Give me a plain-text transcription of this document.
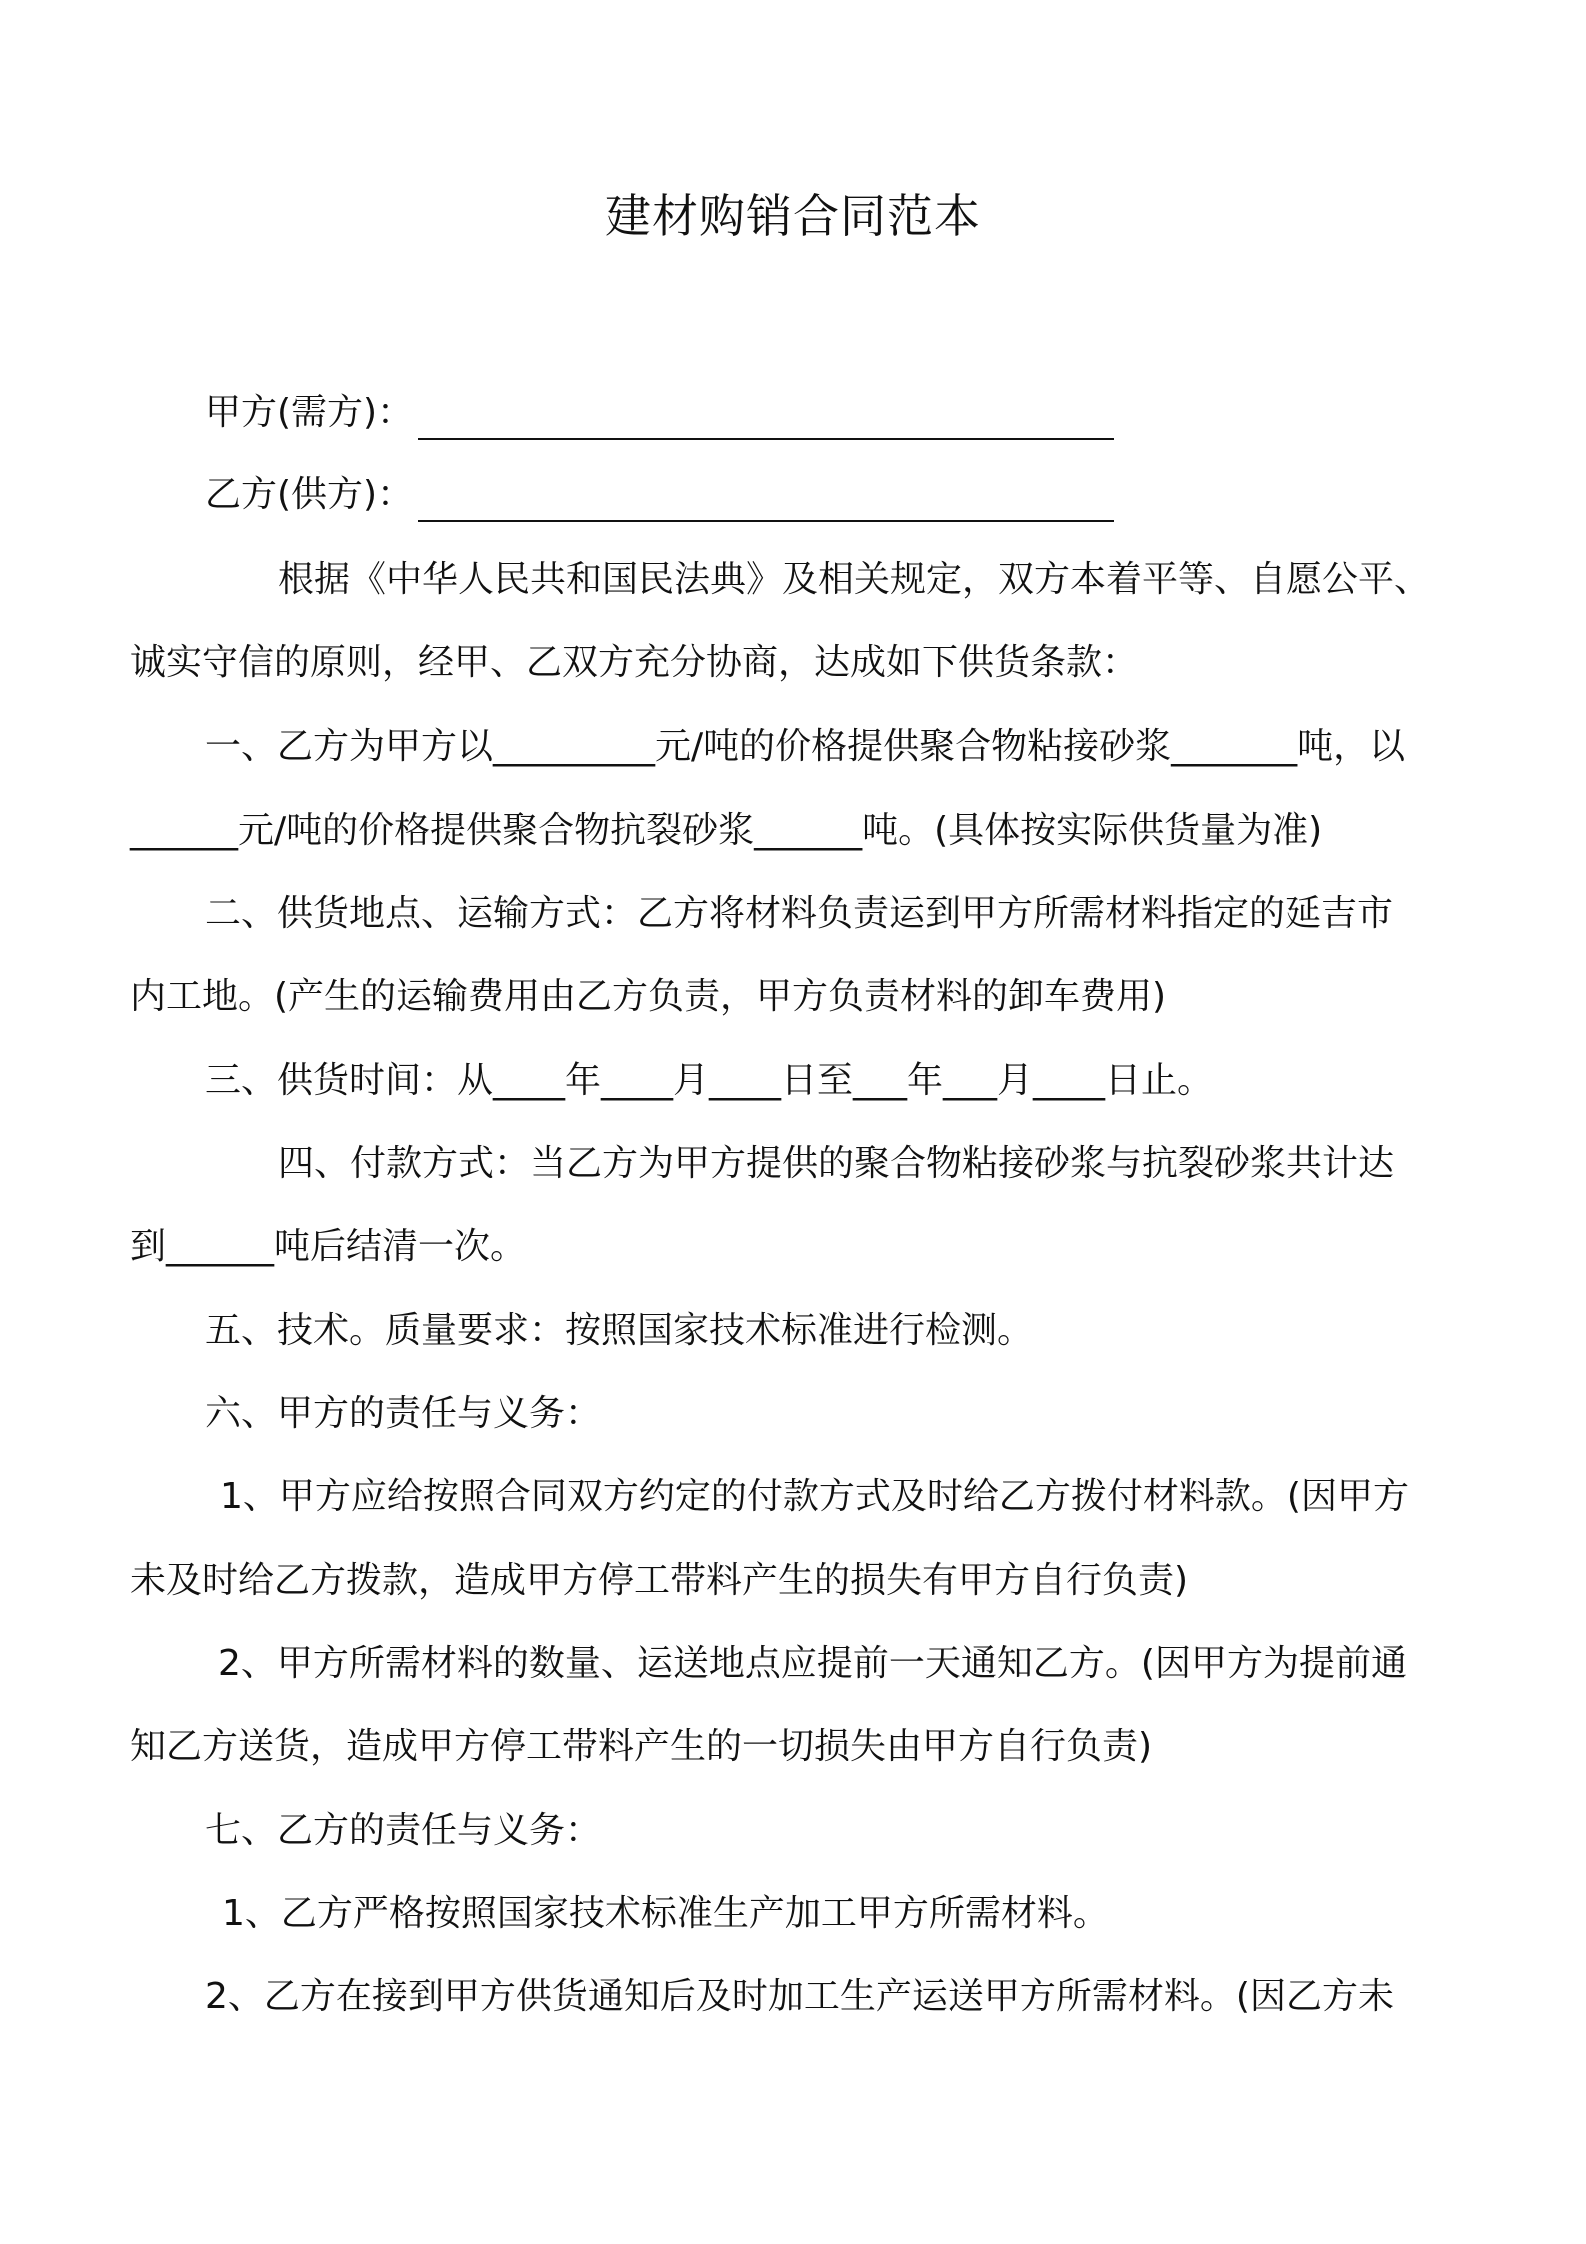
建材购销合同范本
甲方(需方)：
乙方(供方)：
根据《中华人民共和国民法典》及相关规定，双方本着平等、自愿公平、
诚实守信的原则，经甲、乙双方充分协商，达成如下供货条款：
一、乙方为甲方以_________元/吨的价格提供聚合物粘接砂浆_______吨，以
______元/吨的价格提供聚合物抗裂砂浆______吨。(具体按实际供货量为准)
二、供货地点、运输方式：乙方将材料负责运到甲方所需材料指定的延吉市
内工地。(产生的运输费用由乙方负责，甲方负责材料的卸车费用)
三、供货时间：从____年____月____日至___年___月____日止。
四、付款方式：当乙方为甲方提供的聚合物粘接砂浆与抗裂砂浆共计达
到______吨后结清一次。
五、技术。质量要求：按照国家技术标准进行检测。
六、甲方的责任与义务：
1、甲方应给按照合同双方约定的付款方式及时给乙方拨付材料款。(因甲方
未及时给乙方拨款，造成甲方停工带料产生的损失有甲方自行负责)
2、甲方所需材料的数量、运送地点应提前一天通知乙方。(因甲方为提前通
知乙方送货，造成甲方停工带料产生的一切损失由甲方自行负责)
七、乙方的责任与义务：
1、乙方严格按照国家技术标准生产加工甲方所需材料。
2、乙方在接到甲方供货通知后及时加工生产运送甲方所需材料。(因乙方未
